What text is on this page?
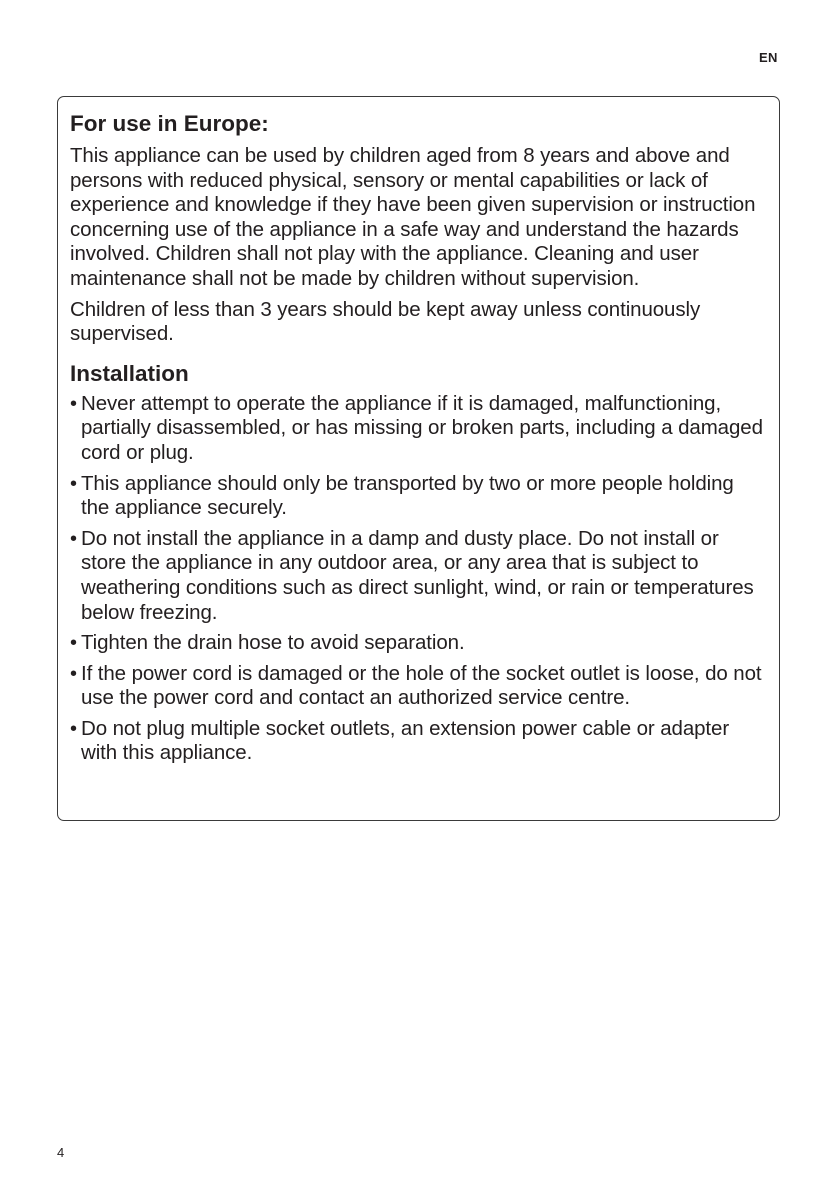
EN
For use in Europe:

This appliance can be used by children aged from 8 years and above and persons with reduced physical, sensory or mental capabilities or lack of experience and knowledge if they have been given supervision or instruction concerning use of the appliance in a safe way and understand the hazards involved. Children shall not play with the appliance. Cleaning and user maintenance shall not be made by children without supervision.

Children of less than 3 years should be kept away unless continuously supervised.

Installation
• Never attempt to operate the appliance if it is damaged, malfunctioning, partially disassembled, or has missing or broken parts, including a damaged cord or plug.
• This appliance should only be transported by two or more people holding the appliance securely.
• Do not install the appliance in a damp and dusty place. Do not install or store the appliance in any outdoor area, or any area that is subject to weathering conditions such as direct sunlight, wind, or rain or temperatures below freezing.
• Tighten the drain hose to avoid separation.
• If the power cord is damaged or the hole of the socket outlet is loose, do not use the power cord and contact an authorized service centre.
• Do not plug multiple socket outlets, an extension power cable or adapter with this appliance.
4
